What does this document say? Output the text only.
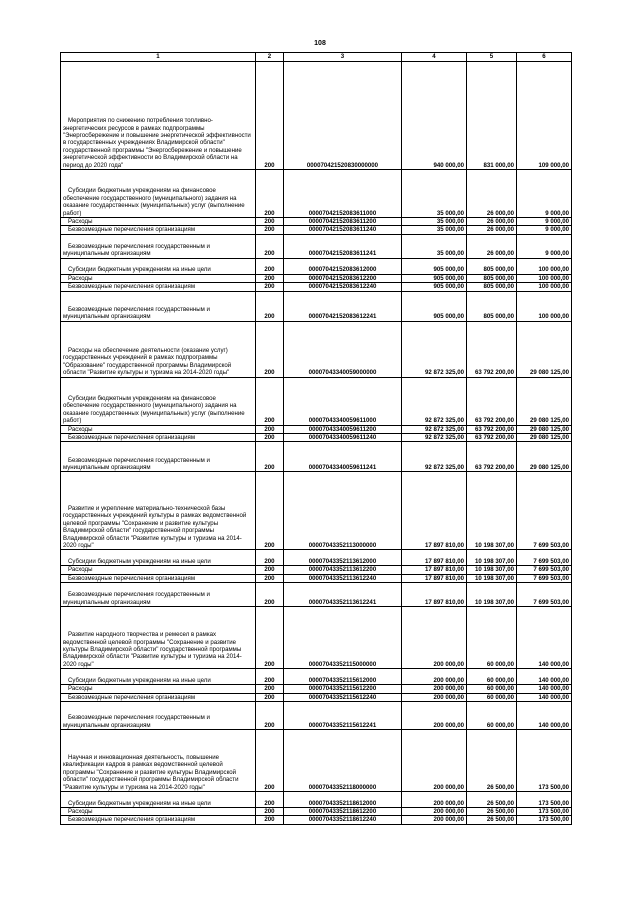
108
1	2	3	4	5	6
Мероприятия по снижению потребления топливно-энергетических ресурсов в рамках подпрограммы "Энергосбережение и повышение энергетической эффективности в государственных учреждениях Владимирской области" государственной программы "Энергосбережение и повышение энергетической эффективности во Владимирской области на период до 2020 года"	200	000070421520830000000	940 000,00	831 000,00	109 000,00
Субсидии бюджетным учреждениям на финансовое обеспечение государственного (муниципального) задания на оказание государственных (муниципальных) услуг (выполнение работ)	200	00007042152083611000	35 000,00	26 000,00	9 000,00
Расходы	200	00007042152083611200	35 000,00	26 000,00	9 000,00
Безвозмездные перечисления организациям	200	00007042152083611240	35 000,00	26 000,00	9 000,00
Безвозмездные перечисления государственным и муниципальным организациям	200	00007042152083611241	35 000,00	26 000,00	9 000,00
Субсидии бюджетным учреждениям на иные цели	200	00007042152083612000	905 000,00	805 000,00	100 000,00
Расходы	200	00007042152083612200	905 000,00	805 000,00	100 000,00
Безвозмездные перечисления организациям	200	00007042152083612240	905 000,00	805 000,00	100 000,00
Безвозмездные перечисления государственным и муниципальным организациям	200	00007042152083612241	905 000,00	805 000,00	100 000,00
Расходы на обеспечение деятельности (оказание услуг) государственных учреждений в рамках подпрограммы "Образование" государственной программы Владимирской области "Развитие культуры и туризма на 2014-2020 годы"	200	00007043340059000000	92 872 325,00	63 792 200,00	29 080 125,00
Субсидии бюджетным учреждениям на финансовое обеспечение государственного (муниципального) задания на оказание государственных (муниципальных) услуг (выполнение работ)	200	00007043340059611000	92 872 325,00	63 792 200,00	29 080 125,00
Расходы	200	00007043340059611200	92 872 325,00	63 792 200,00	29 080 125,00
Безвозмездные перечисления организациям	200	00007043340059611240	92 872 325,00	63 792 200,00	29 080 125,00
Безвозмездные перечисления государственным и муниципальным организациям	200	00007043340059611241	92 872 325,00	63 792 200,00	29 080 125,00
Развитие и укрепление материально-технической базы государственных учреждений культуры в рамках ведомственной целевой программы "Сохранение и развитие культуры Владимирской области" государственной программы Владимирской области "Развитие культуры и туризма на 2014-2020 годы"	200	00007043352113000000	17 897 810,00	10 198 307,00	7 699 503,00
Субсидии бюджетным учреждениям на иные цели	200	00007043352113612000	17 897 810,00	10 198 307,00	7 699 503,00
Расходы	200	00007043352113612200	17 897 810,00	10 198 307,00	7 699 503,00
Безвозмездные перечисления организациям	200	00007043352113612240	17 897 810,00	10 198 307,00	7 699 503,00
Безвозмездные перечисления государственным и муниципальным организациям	200	00007043352113612241	17 897 810,00	10 198 307,00	7 699 503,00
Развитие народного творчества и ремесел в рамках ведомственной целевой программы "Сохранение и развитие культуры Владимирской области" государственной программы Владимирской области "Развитие культуры и туризма на 2014-2020 годы"	200	00007043352115000000	200 000,00	60 000,00	140 000,00
Субсидии бюджетным учреждениям на иные цели	200	00007043352115612000	200 000,00	60 000,00	140 000,00
Расходы	200	00007043352115612200	200 000,00	60 000,00	140 000,00
Безвозмездные перечисления организациям	200	00007043352115612240	200 000,00	60 000,00	140 000,00
Безвозмездные перечисления государственным и муниципальным организациям	200	00007043352115612241	200 000,00	60 000,00	140 000,00
Научная и инновационная деятельность, повышение квалификации кадров в рамках ведомственной целевой программы "Сохранение и развитие культуры Владимирской области" государственной программы Владимирской области "Развитие культуры и туризма на 2014-2020 годы"	200	00007043352118000000	200 000,00	26 500,00	173 500,00
Субсидии бюджетным учреждениям на иные цели	200	00007043352118612000	200 000,00	26 500,00	173 500,00
Расходы	200	00007043352118612200	200 000,00	26 500,00	173 500,00
Безвозмездные перечисления организациям	200	00007043352118612240	200 000,00	26 500,00	173 500,00
